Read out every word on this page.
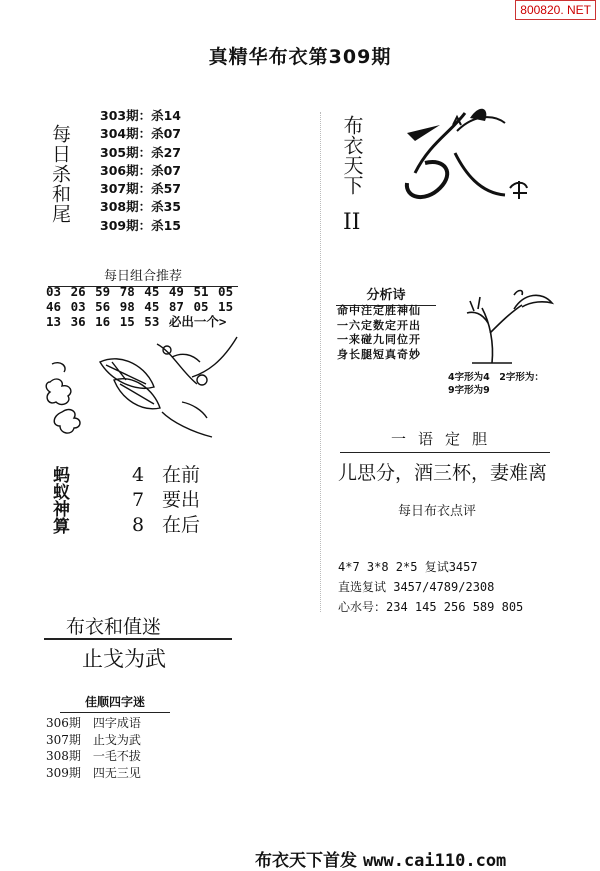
800820. NET
真精华布衣第309期
每日杀和尾
303期：杀14
304期：杀07
305期：杀27
306期：杀07
307期：杀57
308期：杀35
309期：杀15
布衣天下
II
每日组合推荐
03 26 59 78 45 49 51 05
46 03 56 98 45 87 05 15
13 36 16 15 53 必出一个>
分析诗
命中注定胜神仙
一六定数定开出
一来碰九同位开
身长腿短真奇妙
4字形为4　2字形为：
9字形为9
一语定胆
儿思分，酒三杯，妻难离
蚂蚁神算	4 在前
7 要出
8 在后
每日布衣点评
4*7 3*8 2*5 复试3457
直选复试 3457/4789/2308
心水号：234 145 256 589 805
布衣和值迷
止戈为武
佳顺四字迷
306期　四字成语
307期　止戈为武
308期　一毛不拔
309期　四无三见
布衣天下首发 www.cai110.com
